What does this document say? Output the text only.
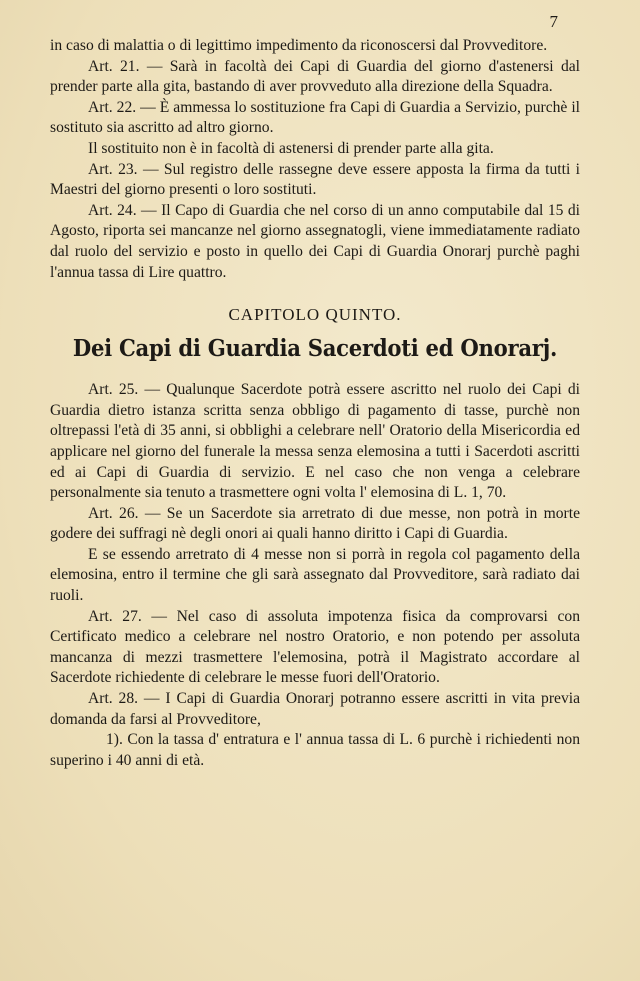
7

in caso di malattia o di legittimo impedimento da riconoscersi dal Provveditore.

Art. 21. — Sarà in facoltà dei Capi di Guardia del giorno d'astenersi dal prender parte alla gita, bastando di aver provveduto alla direzione della Squadra.

Art. 22. — È ammessa lo sostituzione fra Capi di Guardia a Servizio, purchè il sostituto sia ascritto ad altro giorno.

Il sostituito non è in facoltà di astenersi di prender parte alla gita.

Art. 23. — Sul registro delle rassegne deve essere apposta la firma da tutti i Maestri del giorno presenti o loro sostituti.

Art. 24. — Il Capo di Guardia che nel corso di un anno computabile dal 15 di Agosto, riporta sei mancanze nel giorno assegnatogli, viene immediatamente radiato dal ruolo del servizio e posto in quello dei Capi di Guardia Onorarj purchè paghi l'annua tassa di Lire quattro.

CAPITOLO QUINTO.
Dei Capi di Guardia Sacerdoti ed Onorarj.

Art. 25. — Qualunque Sacerdote potrà essere ascritto nel ruolo dei Capi di Guardia dietro istanza scritta senza obbligo di pagamento di tasse, purchè non oltrepassi l'età di 35 anni, si obblighi a celebrare nell' Oratorio della Misericordia ed applicare nel giorno del funerale la messa senza elemosina a tutti i Sacerdoti ascritti ed ai Capi di Guardia di servizio. E nel caso che non venga a celebrare personalmente sia tenuto a trasmettere ogni volta l' elemosina di L. 1, 70.

Art. 26. — Se un Sacerdote sia arretrato di due messe, non potrà in morte godere dei suffragi nè degli onori ai quali hanno diritto i Capi di Guardia.

E se essendo arretrato di 4 messe non si porrà in regola col pagamento della elemosina, entro il termine che gli sarà assegnato dal Provveditore, sarà radiato dai ruoli.

Art. 27. — Nel caso di assoluta impotenza fisica da comprovarsi con Certificato medico a celebrare nel nostro Oratorio, e non potendo per assoluta mancanza di mezzi trasmettere l'elemosina, potrà il Magistrato accordare al Sacerdote richiedente di celebrare le messe fuori dell'Oratorio.

Art. 28. — I Capi di Guardia Onorarj potranno essere ascritti in vita previa domanda da farsi al Provveditore,

1). Con la tassa d' entratura e l' annua tassa di L. 6 purchè i richiedenti non superino i 40 anni di età.
